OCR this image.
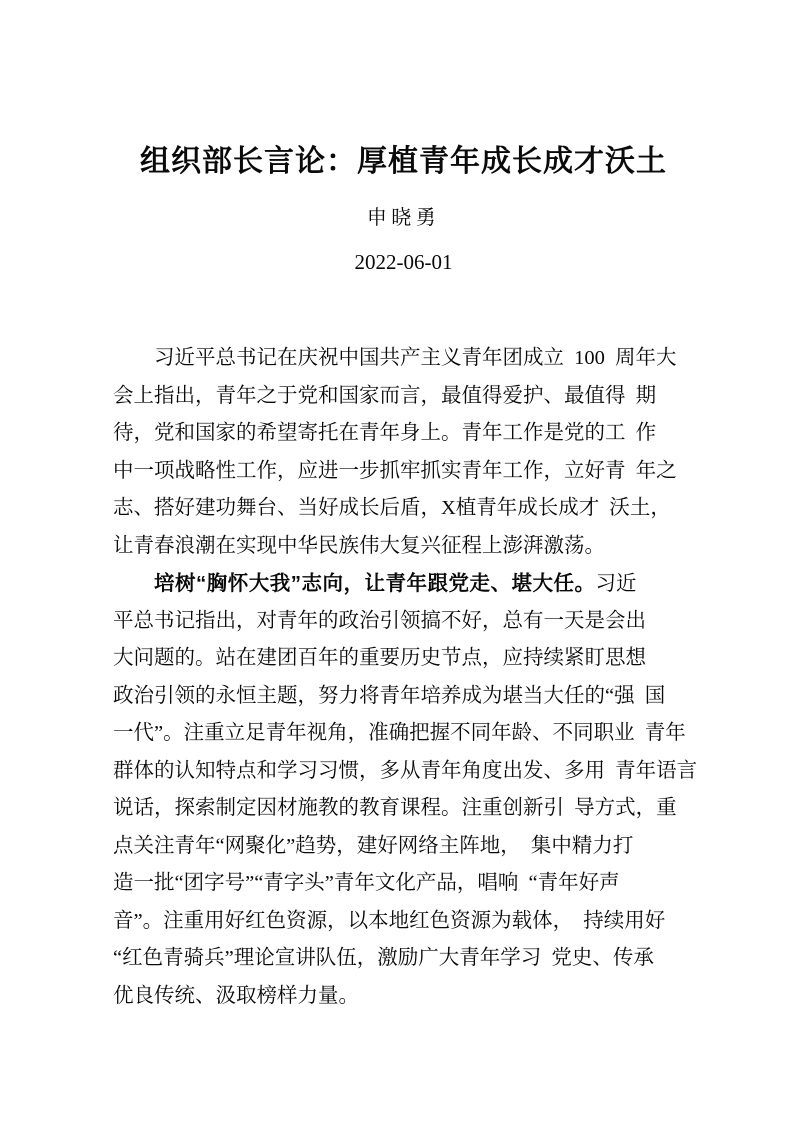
组织部长言论：厚植青年成长成才沃土
申晓勇
2022-06-01
习近平总书记在庆祝中国共产主义青年团成立 100 周年大
会上指出，青年之于党和国家而言，最值得爱护、最值得 期
待，党和国家的希望寄托在青年身上。青年工作是党的工 作
中一项战略性工作，应进一步抓牢抓实青年工作，立好青 年之
志、搭好建功舞台、当好成长后盾，X植青年成长成才 沃土，
让青春浪潮在实现中华民族伟大复兴征程上澎湃激荡。
培树“胸怀大我”志向，让青年跟党走、堪大任。习近
平总书记指出，对青年的政治引领搞不好，总有一天是会出
大问题的。站在建团百年的重要历史节点，应持续紧盯思想
政治引领的永恒主题，努力将青年培养成为堪当大任的“强 国
一代”。注重立足青年视角，准确把握不同年龄、不同职业 青年
群体的认知特点和学习习惯，多从青年角度出发、多用 青年语言
说话，探索制定因材施教的教育课程。注重创新引 导方式，重
点关注青年“网聚化”趋势，建好网络主阵地， 集中精力打
造一批“团字号”“青字头”青年文化产品，唱响 “青年好声
音”。注重用好红色资源，以本地红色资源为载体， 持续用好
“红色青骑兵”理论宣讲队伍，激励广大青年学习 党史、传承
优良传统、汲取榜样力量。
